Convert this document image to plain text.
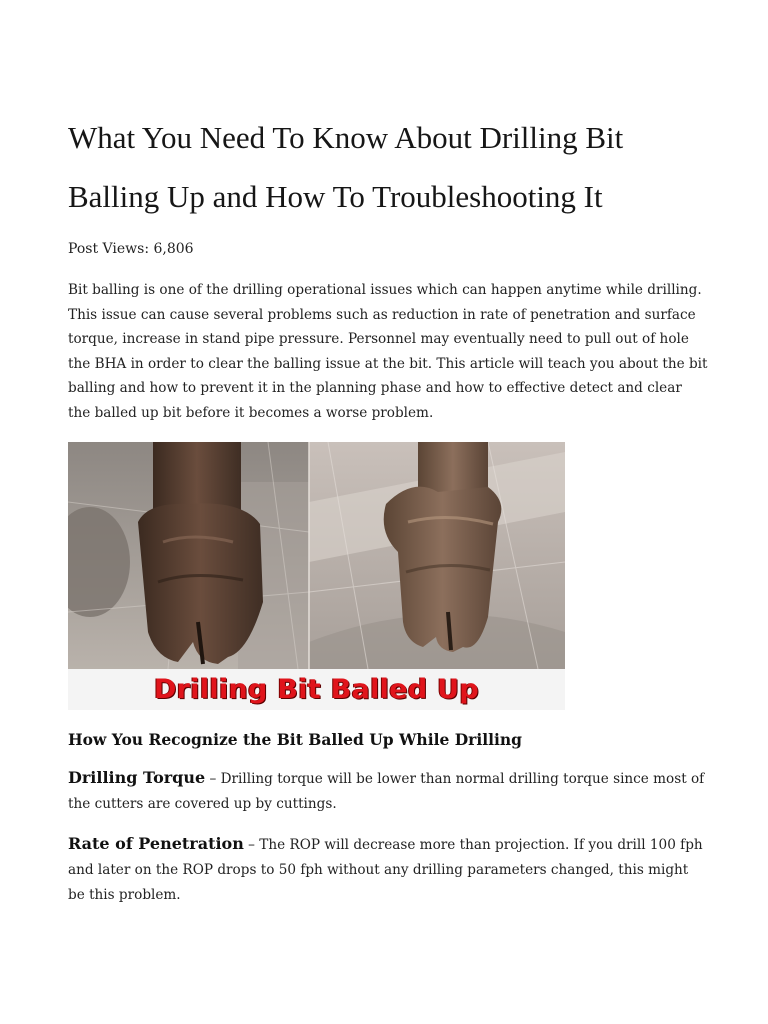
What You Need To Know About Drilling Bit Balling Up and How To Troubleshooting It

Post Views: 6,806

Bit balling is one of the drilling operational issues which can happen anytime while drilling. This issue can cause several problems such as reduction in rate of penetration and surface torque, increase in stand pipe pressure. Personnel may eventually need to pull out of hole the BHA in order to clear the balling issue at the bit. This article will teach you about the bit balling and how to prevent it in the planning phase and how to effective detect and clear the balled up bit before it becomes a worse problem.

Drilling Bit Balled Up
How You Recognize the Bit Balled Up While Drilling

Drilling Torque – Drilling torque will be lower than normal drilling torque since most of the cutters are covered up by cuttings.

Rate of Penetration – The ROP will decrease more than projection. If you drill 100 fph and later on the ROP drops to 50 fph without any drilling parameters changed, this might be this problem.
